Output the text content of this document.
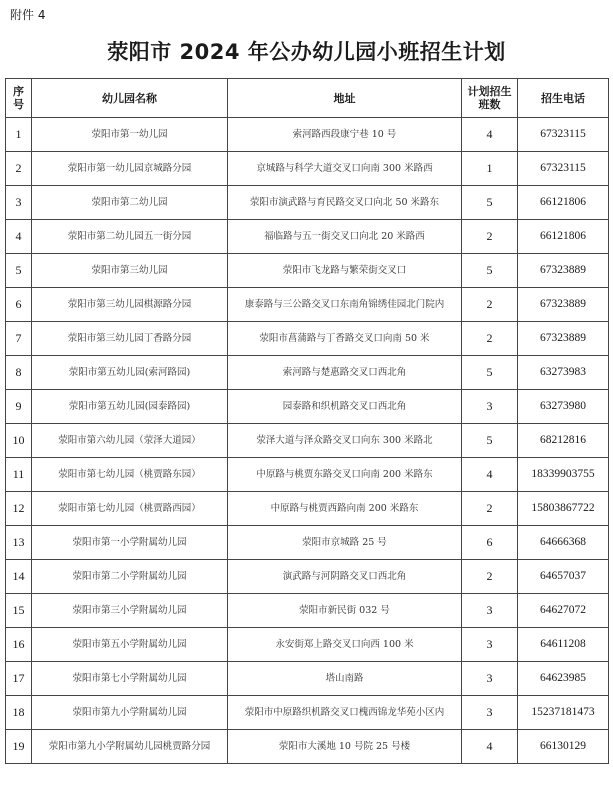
附件 4
荥阳市 2024 年公办幼儿园小班招生计划
序号	幼儿园名称	地址	计划招生班数	招生电话
1	荥阳市第一幼儿园	索河路西段康宁巷 10 号	4	67323115
2	荥阳市第一幼儿园京城路分园	京城路与科学大道交叉口向南 300 米路西	1	67323115
3	荥阳市第二幼儿园	荥阳市演武路与育民路交叉口向北 50 米路东	5	66121806
4	荥阳市第二幼儿园五一街分园	福临路与五一街交叉口向北 20 米路西	2	66121806
5	荥阳市第三幼儿园	荥阳市飞龙路与繁荣街交叉口	5	67323889
6	荥阳市第三幼儿园棋源路分园	康泰路与三公路交叉口东南角锦绣佳园北门院内	2	67323889
7	荥阳市第三幼儿园丁香路分园	荥阳市菖蒲路与丁香路交叉口向南 50 米	2	67323889
8	荥阳市第五幼儿园(索河路园)	索河路与楚惠路交叉口西北角	5	63273983
9	荥阳市第五幼儿园(园泰路园)	园泰路和织机路交叉口西北角	3	63273980
10	荥阳市第六幼儿园（荥泽大道园）	荥泽大道与泽众路交叉口向东 300 米路北	5	68212816
11	荥阳市第七幼儿园（桃贾路东园）	中原路与桃贾东路交叉口向南 200 米路东	4	18339903755
12	荥阳市第七幼儿园（桃贾路西园）	中原路与桃贾西路向南 200 米路东	2	15803867722
13	荥阳市第一小学附属幼儿园	荥阳市京城路 25 号	6	64666368
14	荥阳市第二小学附属幼儿园	演武路与河阴路交叉口西北角	2	64657037
15	荥阳市第三小学附属幼儿园	荥阳市新民街 032 号	3	64627072
16	荥阳市第五小学附属幼儿园	永安街郑上路交叉口向西 100 米	3	64611208
17	荥阳市第七小学附属幼儿园	塔山南路	3	64623985
18	荥阳市第九小学附属幼儿园	荥阳市中原路织机路交叉口槐西锦龙华苑小区内	3	15237181473
19	荥阳市第九小学附属幼儿园桃贾路分园	荥阳市大溪地 10 号院 25 号楼	4	66130129
